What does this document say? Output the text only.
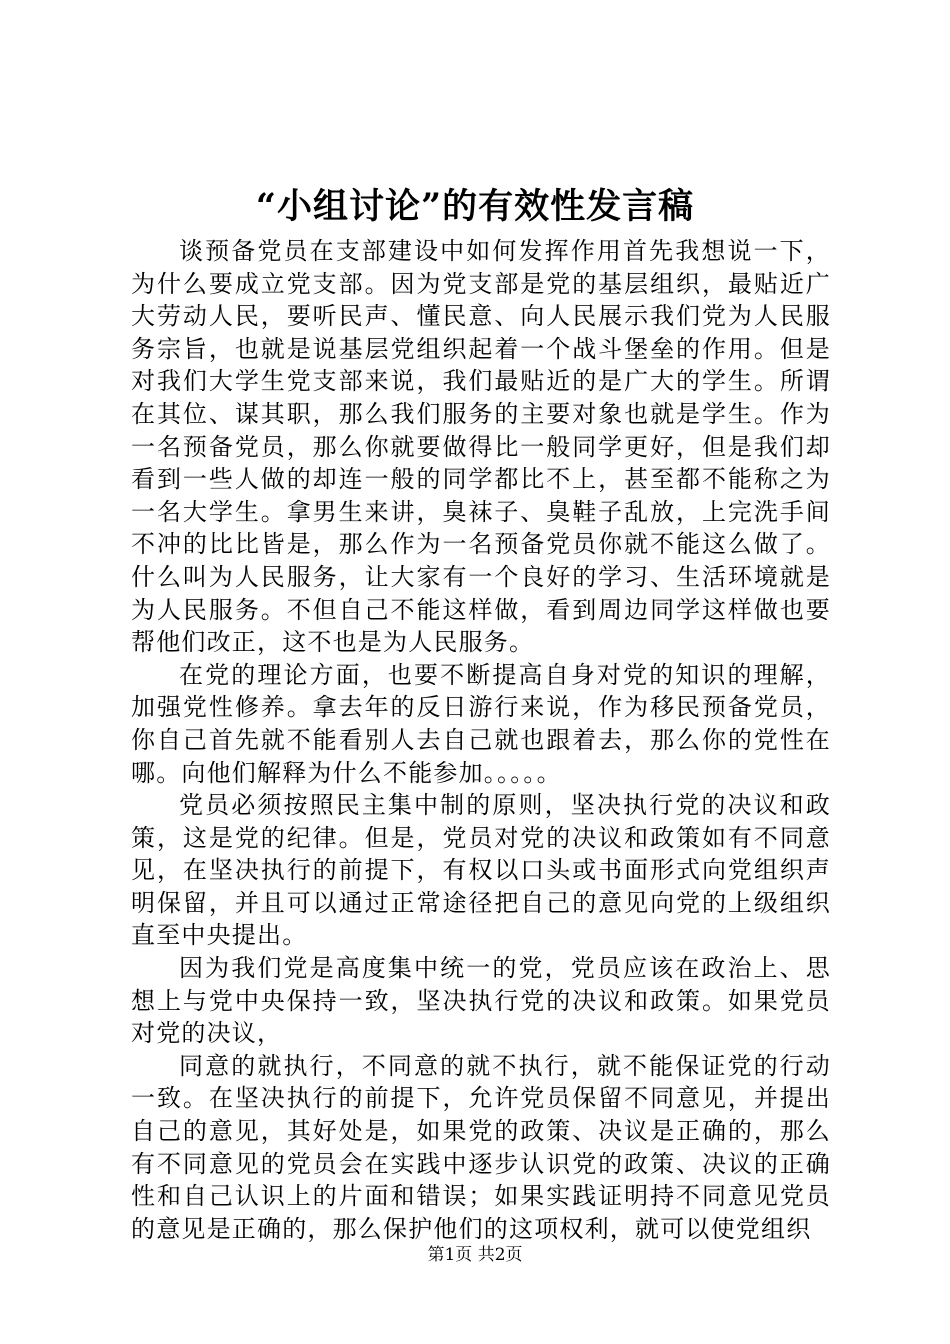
“小组讨论”的有效性发言稿

谈预备党员在支部建设中如何发挥作用首先我想说一下，为什么要成立党支部。因为党支部是党的基层组织，最贴近广大劳动人民，要听民声、懂民意、向人民展示我们党为人民服务宗旨，也就是说基层党组织起着一个战斗堡垒的作用。但是对我们大学生党支部来说，我们最贴近的是广大的学生。所谓在其位、谋其职，那么我们服务的主要对象也就是学生。作为一名预备党员，那么你就要做得比一般同学更好，但是我们却看到一些人做的却连一般的同学都比不上，甚至都不能称之为一名大学生。拿男生来讲，臭袜子、臭鞋子乱放，上完洗手间不冲的比比皆是，那么作为一名预备党员你就不能这么做了。什么叫为人民服务，让大家有一个良好的学习、生活环境就是为人民服务。不但自己不能这样做，看到周边同学这样做也要帮他们改正，这不也是为人民服务。

在党的理论方面，也要不断提高自身对党的知识的理解，加强党性修养。拿去年的反日游行来说，作为移民预备党员，你自己首先就不能看别人去自己就也跟着去，那么你的党性在哪。向他们解释为什么不能参加。。。。。

党员必须按照民主集中制的原则，坚决执行党的决议和政策，这是党的纪律。但是，党员对党的决议和政策如有不同意见，在坚决执行的前提下，有权以口头或书面形式向党组织声明保留，并且可以通过正常途径把自己的意见向党的上级组织直至中央提出。

因为我们党是高度集中统一的党，党员应该在政治上、思想上与党中央保持一致，坚决执行党的决议和政策。如果党员对党的决议，

同意的就执行，不同意的就不执行，就不能保证党的行动一致。在坚决执行的前提下，允许党员保留不同意见，并提出自己的意见，其好处是，如果党的政策、决议是正确的，那么有不同意见的党员会在实践中逐步认识党的政策、决议的正确性和自己认识上的片面和错误；如果实践证明持不同意见党员的意见是正确的，那么保护他们的这项权利，就可以使党组织

第1页 共2页
